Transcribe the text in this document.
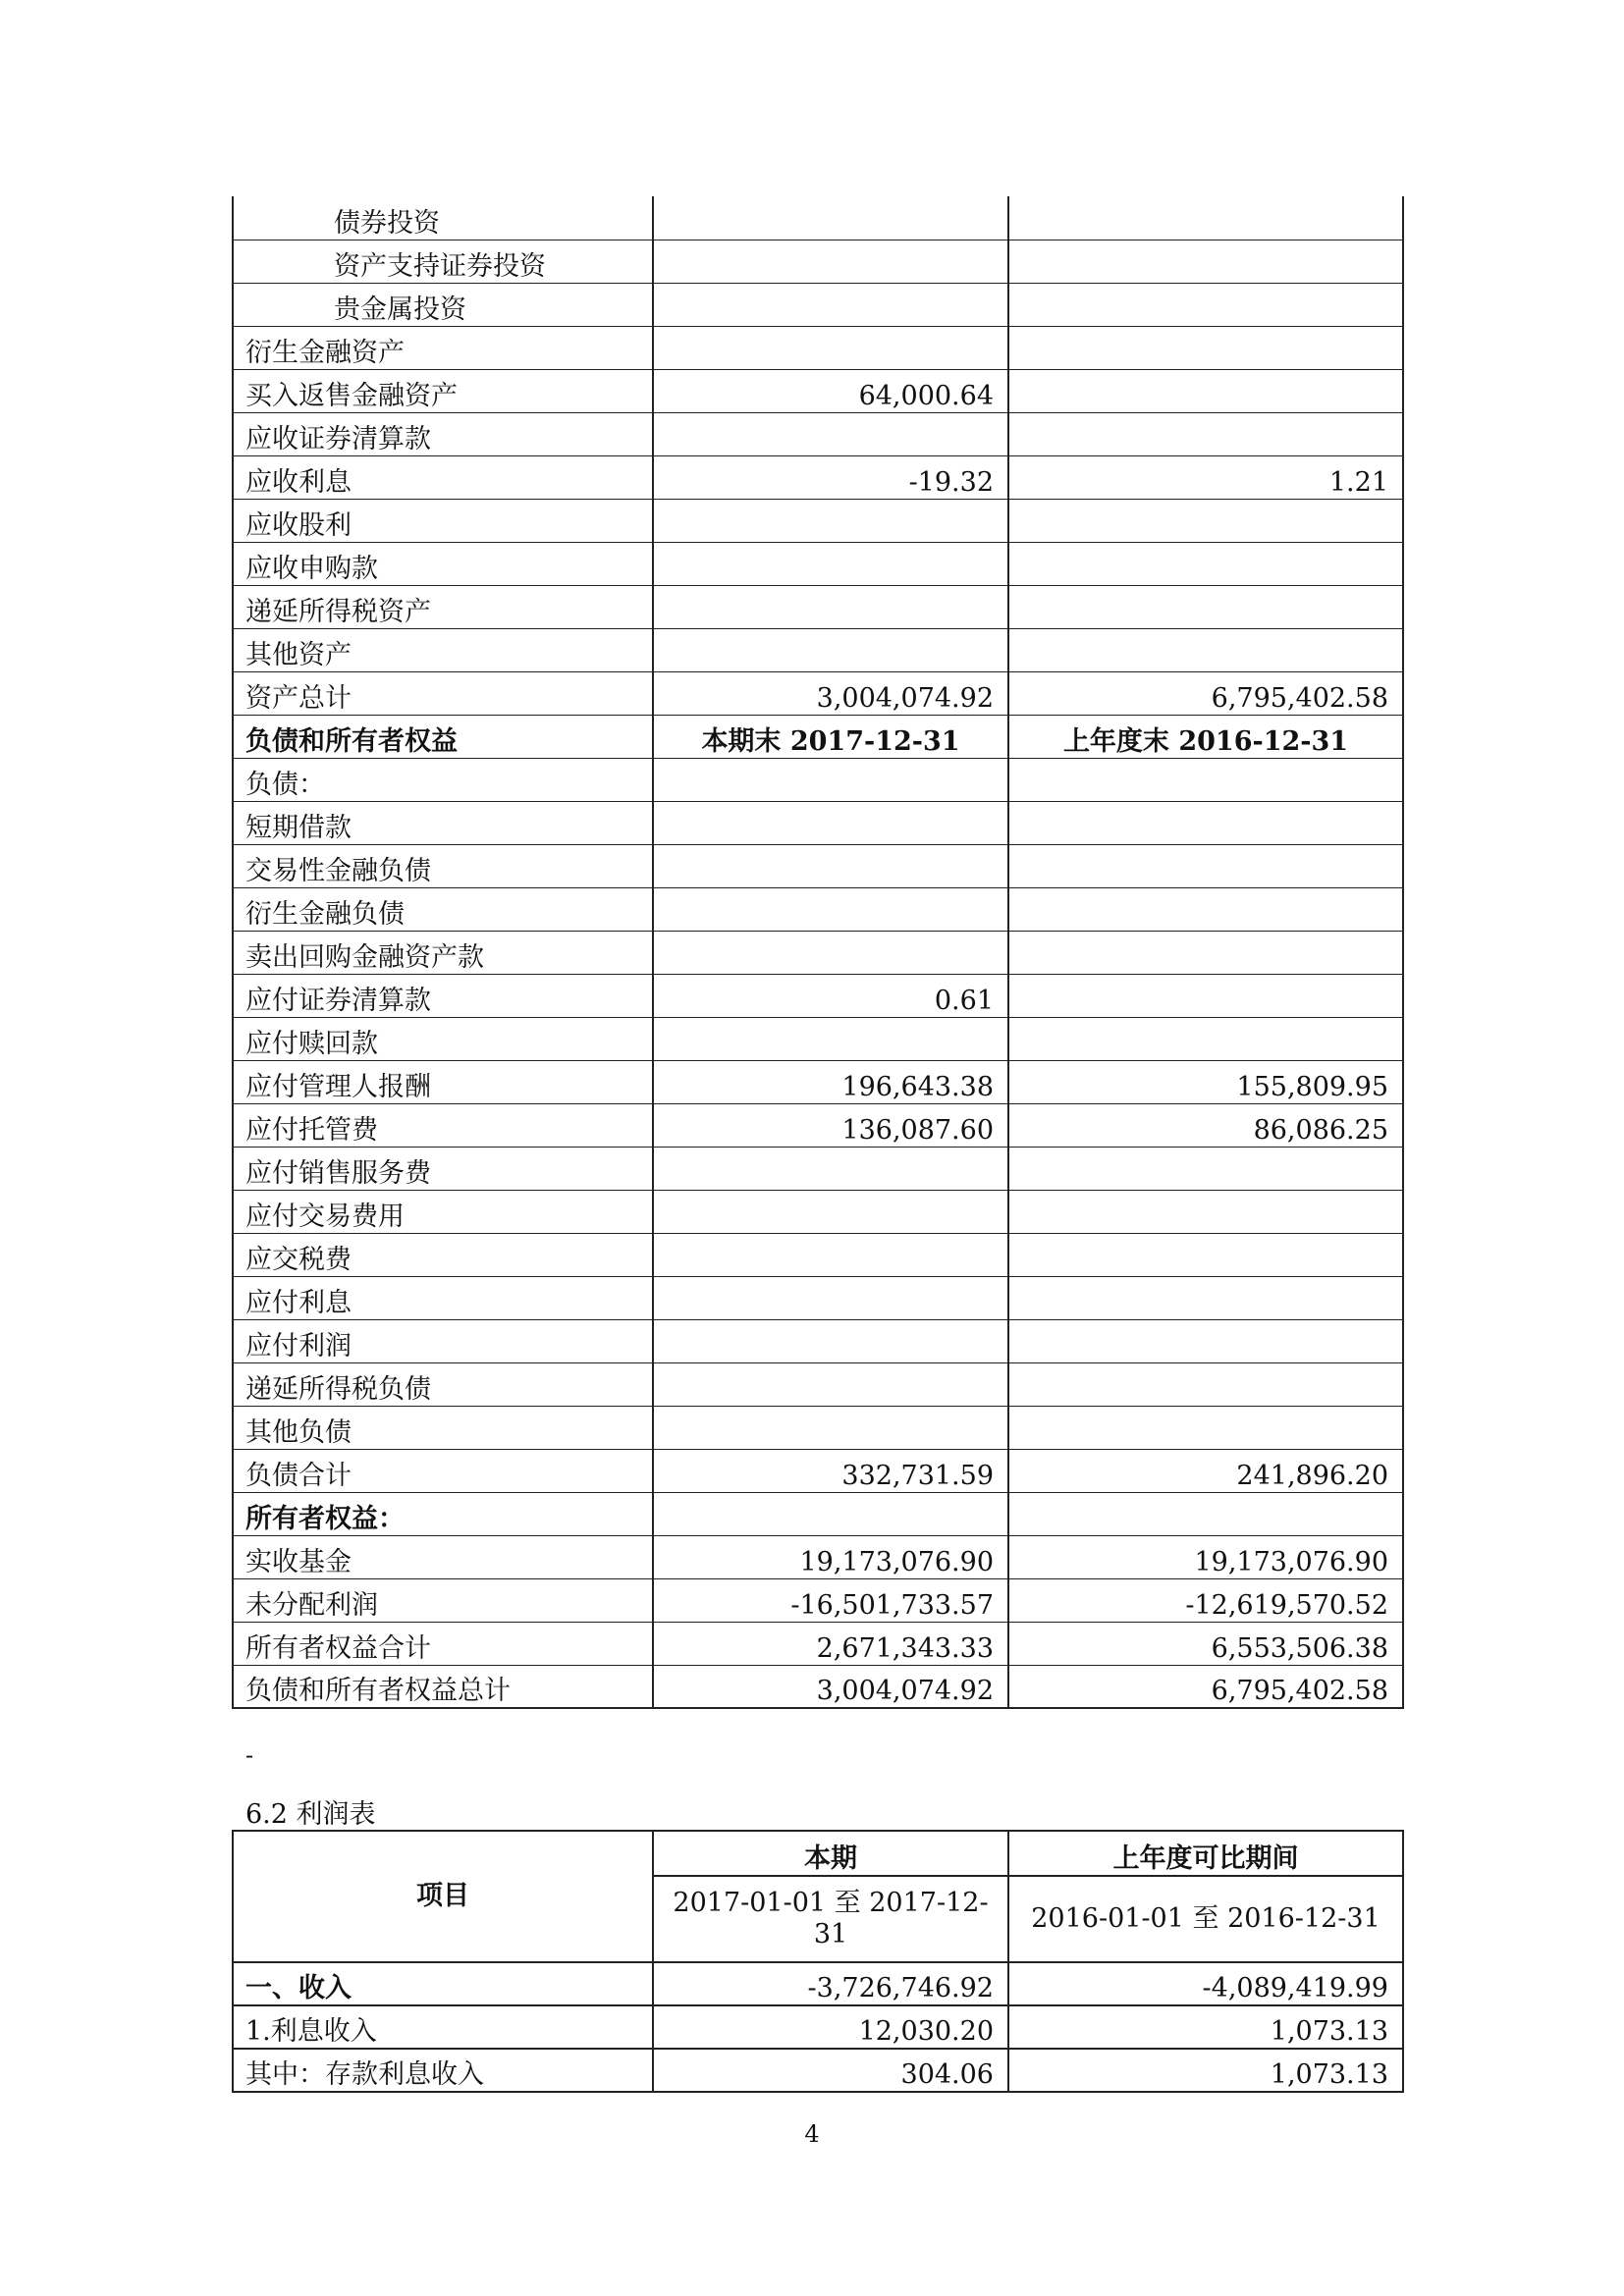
债券投资		
资产支持证券投资		
贵金属投资		
衍生金融资产		
买入返售金融资产	64,000.64	
应收证券清算款		
应收利息	-19.32	1.21
应收股利		
应收申购款		
递延所得税资产		
其他资产		
资产总计	3,004,074.92	6,795,402.58
负债和所有者权益	本期末 2017-12-31	上年度末 2016-12-31
负债：		
短期借款		
交易性金融负债		
衍生金融负债		
卖出回购金融资产款		
应付证券清算款	0.61	
应付赎回款		
应付管理人报酬	196,643.38	155,809.95
应付托管费	136,087.60	86,086.25
应付销售服务费		
应付交易费用		
应交税费		
应付利息		
应付利润		
递延所得税负债		
其他负债		
负债合计	332,731.59	241,896.20
所有者权益：		
实收基金	19,173,076.90	19,173,076.90
未分配利润	-16,501,733.57	-12,619,570.52
所有者权益合计	2,671,343.33	6,553,506.38
负债和所有者权益总计	3,004,074.92	6,795,402.58
-
6.2 利润表
项目	本期	上年度可比期间
	2017-01-01 至 2017-12-31	2016-01-01 至 2016-12-31
一、收入	-3,726,746.92	-4,089,419.99
1.利息收入	12,030.20	1,073.13
其中：存款利息收入	304.06	1,073.13
4
